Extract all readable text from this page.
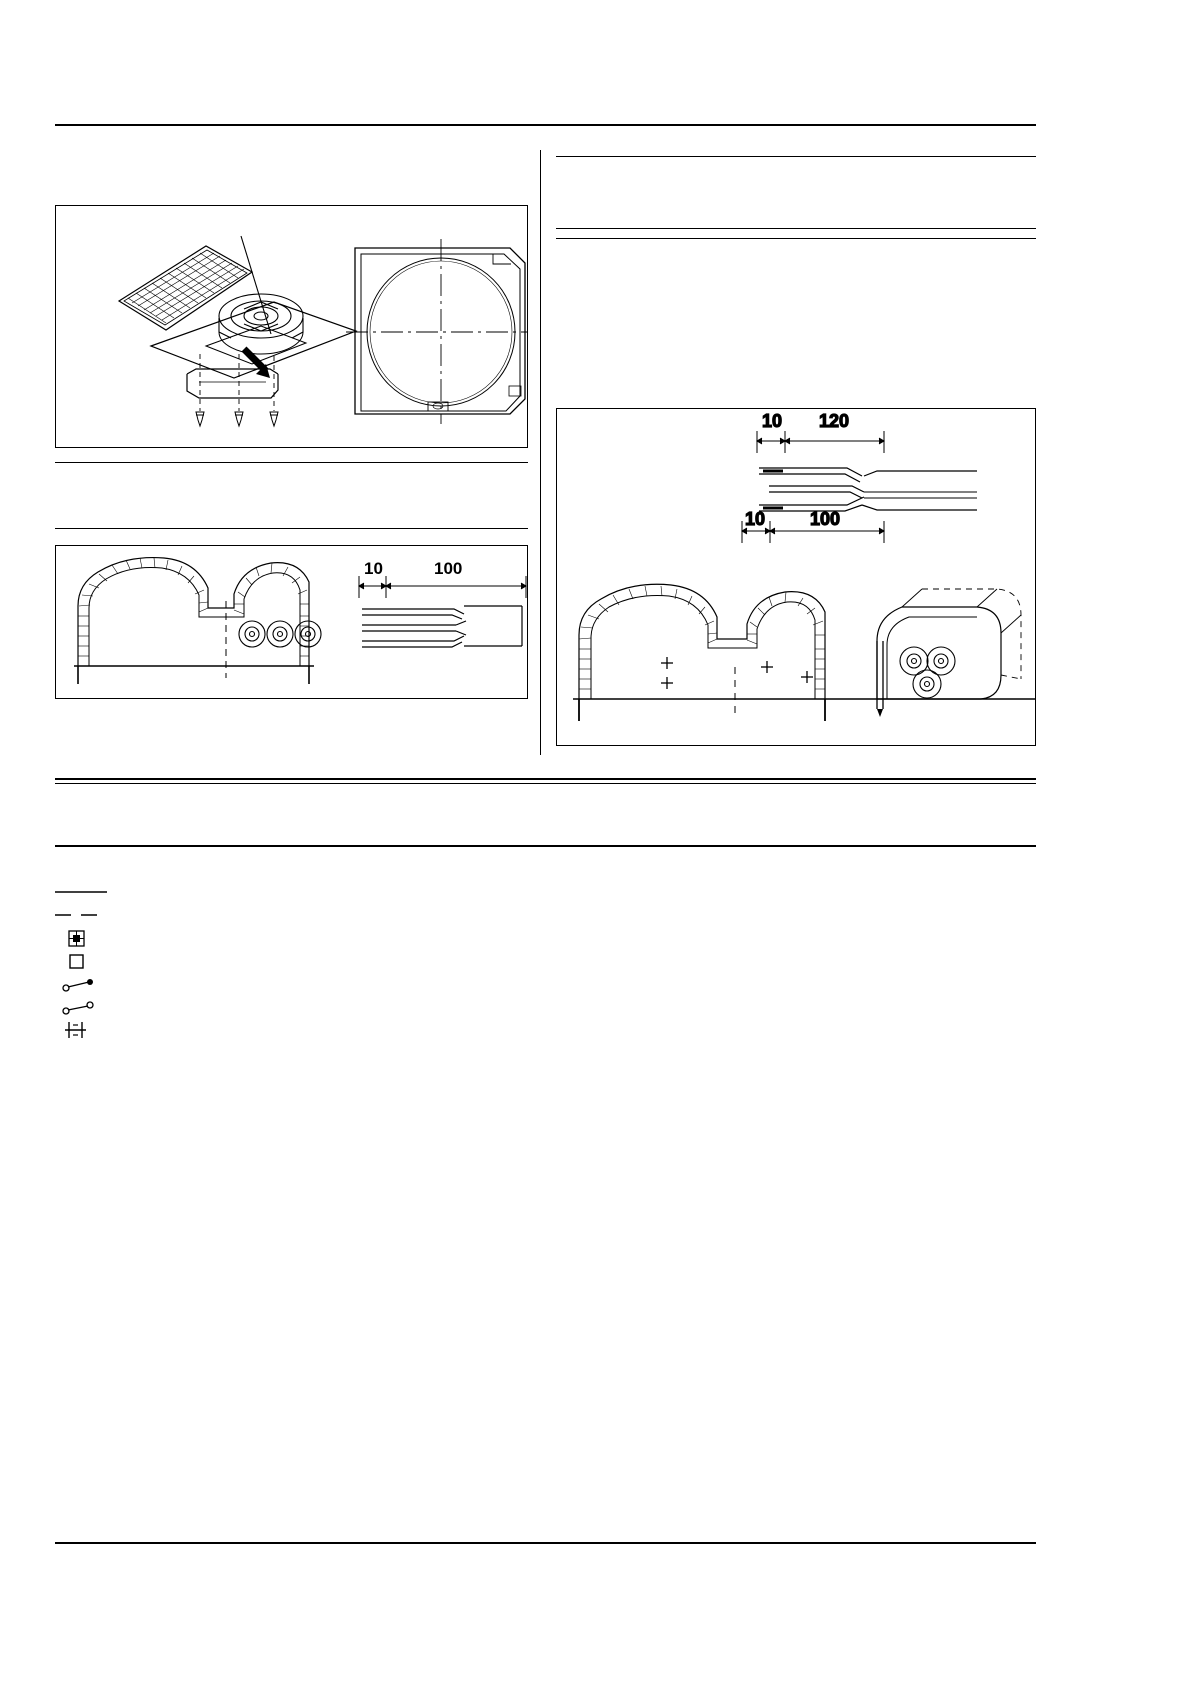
10	100
10 120
10 100
